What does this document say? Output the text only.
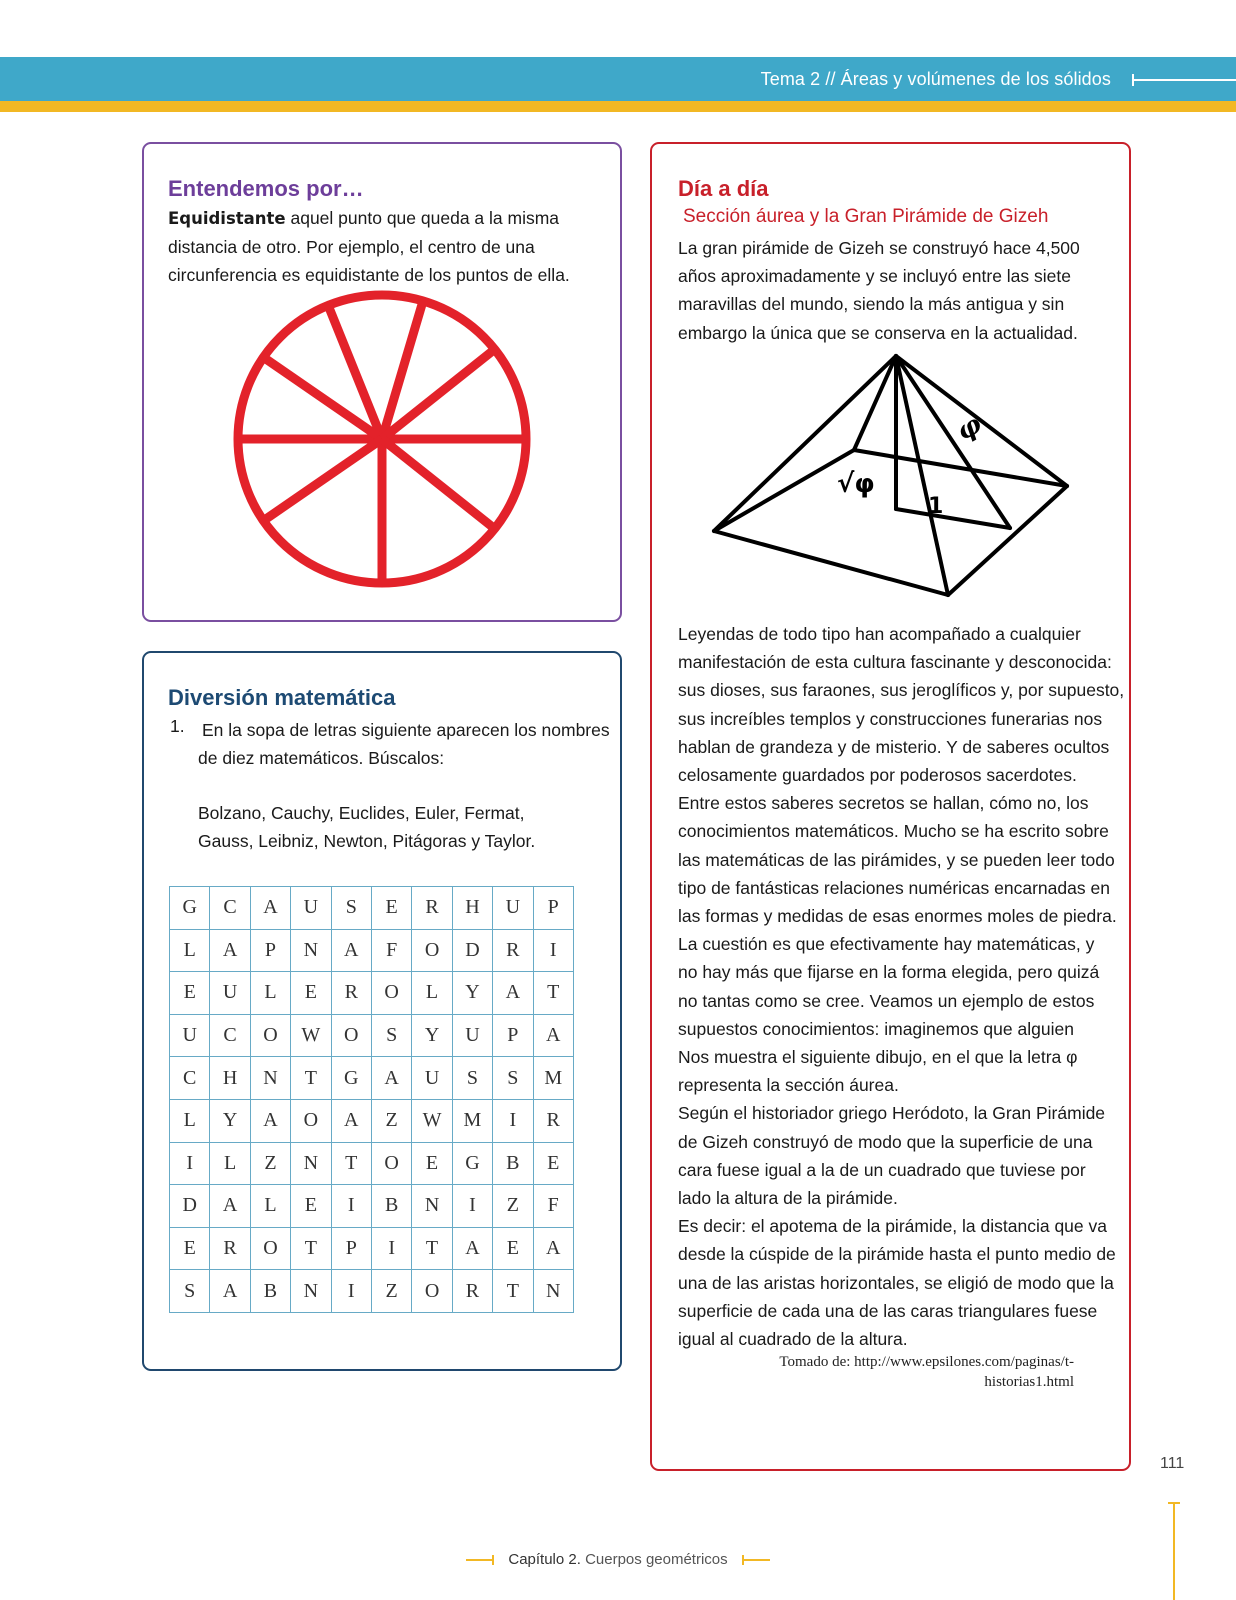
Tema 2 // Áreas y volúmenes de los sólidos
Entendemos por…
Equidistante aquel punto que queda a la misma
distancia de otro. Por ejemplo, el centro de una
circunferencia es equidistante de los puntos de ella.
Diversión matemática
1. En la sopa de letras siguiente aparecen los nombres
de diez matemáticos. Búscalos:
Bolzano, Cauchy, Euclides, Euler, Fermat,
Gauss, Leibniz, Newton, Pitágoras y Taylor.
G	C	A	U	S	E	R	H	U	P
L	A	P	N	A	F	O	D	R	I
E	U	L	E	R	O	L	Y	A	T
U	C	O	W	O	S	Y	U	P	A
C	H	N	T	G	A	U	S	S	M
L	Y	A	O	A	Z	W	M	I	R
I	L	Z	N	T	O	E	G	B	E
D	A	L	E	I	B	N	I	Z	F
E	R	O	T	P	I	T	A	E	A
S	A	B	N	I	Z	O	R	T	N
Día a día
Sección áurea y la Gran Pirámide de Gizeh
La gran pirámide de Gizeh se construyó hace 4,500
años aproximadamente y se incluyó entre las siete
maravillas del mundo, siendo la más antigua y sin
embargo la única que se conserva en la actualidad.
φ
√φ
1
Leyendas de todo tipo han acompañado a cualquier
manifestación de esta cultura fascinante y desconocida:
sus dioses, sus faraones, sus jeroglíficos y, por supuesto,
sus increíbles templos y construcciones funerarias nos
hablan de grandeza y de misterio. Y de saberes ocultos
celosamente guardados por poderosos sacerdotes.
Entre estos saberes secretos se hallan, cómo no, los
conocimientos matemáticos. Mucho se ha escrito sobre
las matemáticas de las pirámides, y se pueden leer todo
tipo de fantásticas relaciones numéricas encarnadas en
las formas y medidas de esas enormes moles de piedra.
La cuestión es que efectivamente hay matemáticas, y
no hay más que fijarse en la forma elegida, pero quizá
no tantas como se cree. Veamos un ejemplo de estos
supuestos conocimientos: imaginemos que alguien
Nos muestra el siguiente dibujo, en el que la letra φ
representa la sección áurea.
Según el historiador griego Heródoto, la Gran Pirámide
de Gizeh construyó de modo que la superficie de una
cara fuese igual a la de un cuadrado que tuviese por
lado la altura de la pirámide.
Es decir: el apotema de la pirámide, la distancia que va
desde la cúspide de la pirámide hasta el punto medio de
una de las aristas horizontales, se eligió de modo que la
superficie de cada una de las caras triangulares fuese
igual al cuadrado de la altura.

Tomado de: http://www.epsilones.com/paginas/t-
historias1.html
111
Capítulo 2. Cuerpos geométricos
